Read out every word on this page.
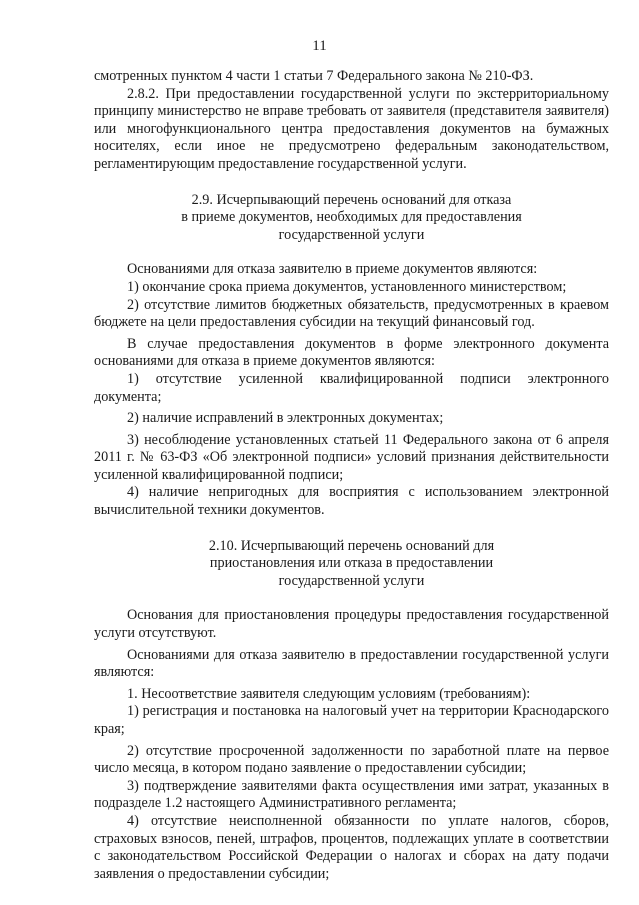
11

смотренных пунктом 4 части 1 статьи 7 Федерального закона № 210-ФЗ.

2.8.2. При предоставлении государственной услуги по экстерриториальному принципу министерство не вправе требовать от заявителя (представителя заявителя) или многофункционального центра предоставления документов на бумажных носителях, если иное не предусмотрено федеральным законодательством, регламентирующим предоставление государственной услуги.

2.9. Исчерпывающий перечень оснований для отказа
в приеме документов, необходимых для предоставления
государственной услуги

Основаниями для отказа заявителю в приеме документов являются:

1) окончание срока приема документов, установленного министерством;

2) отсутствие лимитов бюджетных обязательств, предусмотренных в краевом бюджете на цели предоставления субсидии на текущий финансовый год.

В случае предоставления документов в форме электронного документа основаниями для отказа в приеме документов являются:

1) отсутствие усиленной квалифицированной подписи электронного документа;

2) наличие исправлений в электронных документах;

3) несоблюдение установленных статьей 11 Федерального закона от 6 апреля 2011 г. № 63-ФЗ «Об электронной подписи» условий признания действительности усиленной квалифицированной подписи;

4) наличие непригодных для восприятия с использованием электронной вычислительной техники документов.

2.10. Исчерпывающий перечень оснований для
приостановления или отказа в предоставлении
государственной услуги

Основания для приостановления процедуры предоставления государственной услуги отсутствуют.

Основаниями для отказа заявителю в предоставлении государственной услуги являются:

1. Несоответствие заявителя следующим условиям (требованиям):

1) регистрация и постановка на налоговый учет на территории Краснодарского края;

2) отсутствие просроченной задолженности по заработной плате на первое число месяца, в котором подано заявление о предоставлении субсидии;

3) подтверждение заявителями факта осуществления ими затрат, указанных в подразделе 1.2 настоящего Административного регламента;

4) отсутствие неисполненной обязанности по уплате налогов, сборов, страховых взносов, пеней, штрафов, процентов, подлежащих уплате в соответствии с законодательством Российской Федерации о налогах и сборах на дату подачи заявления о предоставлении субсидии;
